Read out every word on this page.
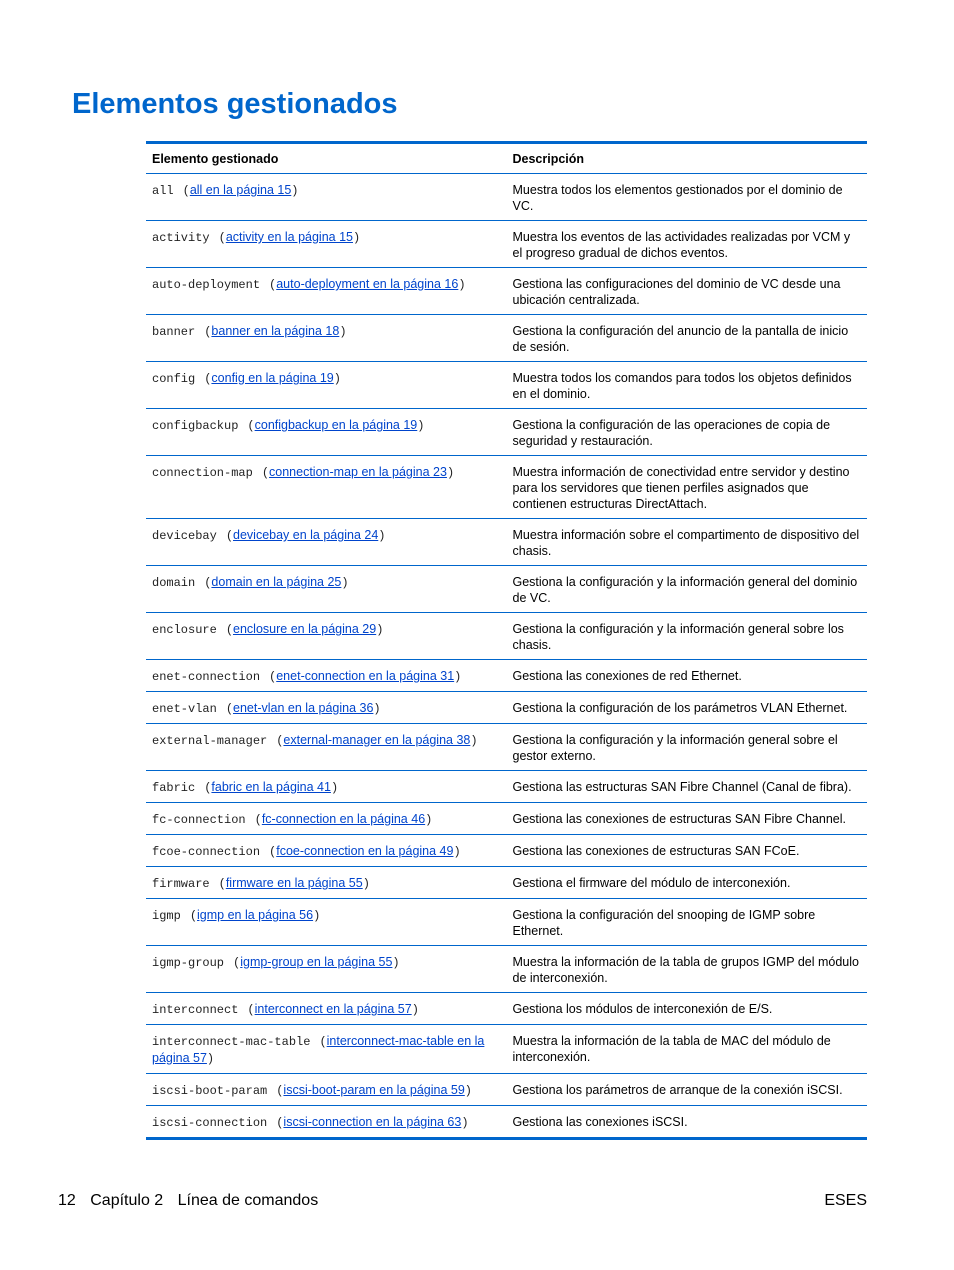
Elementos gestionados
Elemento gestionado	Descripción
all (all en la página 15)	Muestra todos los elementos gestionados por el dominio de VC.
activity (activity en la página 15)	Muestra los eventos de las actividades realizadas por VCM y el progreso gradual de dichos eventos.
auto-deployment (auto-deployment en la página 16)	Gestiona las configuraciones del dominio de VC desde una ubicación centralizada.
banner (banner en la página 18)	Gestiona la configuración del anuncio de la pantalla de inicio de sesión.
config (config en la página 19)	Muestra todos los comandos para todos los objetos definidos en el dominio.
configbackup (configbackup en la página 19)	Gestiona la configuración de las operaciones de copia de seguridad y restauración.
connection-map (connection-map en la página 23)	Muestra información de conectividad entre servidor y destino para los servidores que tienen perfiles asignados que contienen estructuras DirectAttach.
devicebay (devicebay en la página 24)	Muestra información sobre el compartimento de dispositivo del chasis.
domain (domain en la página 25)	Gestiona la configuración y la información general del dominio de VC.
enclosure (enclosure en la página 29)	Gestiona la configuración y la información general sobre los chasis.
enet-connection (enet-connection en la página 31)	Gestiona las conexiones de red Ethernet.
enet-vlan (enet-vlan en la página 36)	Gestiona la configuración de los parámetros VLAN Ethernet.
external-manager (external-manager en la página 38)	Gestiona la configuración y la información general sobre el gestor externo.
fabric (fabric en la página 41)	Gestiona las estructuras SAN Fibre Channel (Canal de fibra).
fc-connection (fc-connection en la página 46)	Gestiona las conexiones de estructuras SAN Fibre Channel.
fcoe-connection (fcoe-connection en la página 49)	Gestiona las conexiones de estructuras SAN FCoE.
firmware (firmware en la página 55)	Gestiona el firmware del módulo de interconexión.
igmp (igmp en la página 56)	Gestiona la configuración del snooping de IGMP sobre Ethernet.
igmp-group (igmp-group en la página 55)	Muestra la información de la tabla de grupos IGMP del módulo de interconexión.
interconnect (interconnect en la página 57)	Gestiona los módulos de interconexión de E/S.
interconnect-mac-table (interconnect-mac-table en la página 57)	Muestra la información de la tabla de MAC del módulo de interconexión.
iscsi-boot-param (iscsi-boot-param en la página 59)	Gestiona los parámetros de arranque de la conexión iSCSI.
iscsi-connection (iscsi-connection en la página 63)	Gestiona las conexiones iSCSI.
12 Capítulo 2 Línea de comandos	ESES
